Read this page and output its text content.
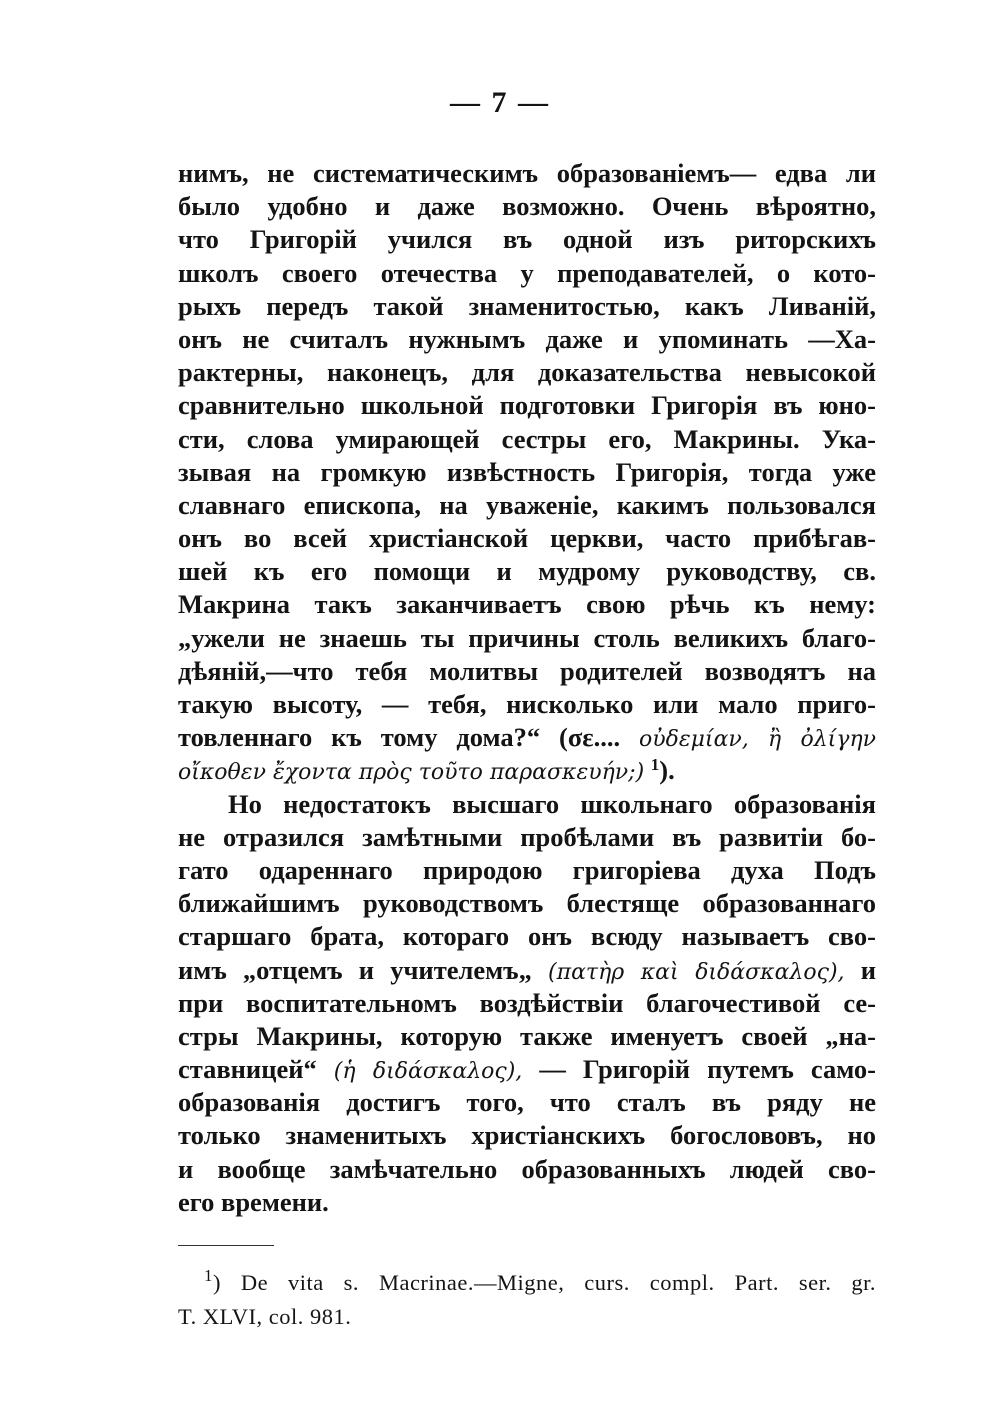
— 7 —
нимъ, не систематическимъ образованіемъ— едва ли
было удобно и даже возможно. Очень вѣроятно,
что Григорій учился въ одной изъ риторскихъ
школъ своего отечества у преподавателей, о кото-
рыхъ передъ такой знаменитостью, какъ Ливаній,
онъ не считалъ нужнымъ даже и упоминать —Ха-
рактерны, наконецъ, для доказательства невысокой
сравнительно школьной подготовки Григорія въ юно-
сти, слова умирающей сестры его, Макрины. Ука-
зывая на громкую извѣстность Григорія, тогда уже
славнаго епископа, на уваженіе, какимъ пользовался
онъ во всей христіанской церкви, часто прибѣгав-
шей къ его помощи и мудрому руководству, св.
Макрина такъ заканчиваетъ свою рѣчь къ нему:
„ужели не знаешь ты причины столь великихъ благо-
дѣяній,—что тебя молитвы родителей возводятъ на
такую высоту, — тебя, нисколько или мало приго-
товленнаго къ тому дома?“ (σε.... οὐδεμίαν, ἢ ὀλίγην
οἴκοθεν ἔχοντα πρὸς τοῦτο παρασκευήν;) $^1$).
Но недостатокъ высшаго школьнаго образованія
не отразился замѣтными пробѣлами въ развитіи бо-
гато одареннаго природою григоріева духа Подъ
ближайшимъ руководствомъ блестяще образованнаго
старшаго брата, котораго онъ всюду называетъ сво-
имъ „отцемъ и учителемъ„ (πατὴρ καὶ διδάσκαλος), и
при воспитательномъ воздѣйствіи благочестивой се-
стры Макрины, которую также именуетъ своей „на-
ставницей“ (ἡ διδάσκαλος), — Григорій путемъ само-
образованія достигъ того, что сталъ въ ряду не
только знаменитыхъ христіанскихъ богослововъ, но
и вообще замѣчательно образованныхъ людей сво-
его времени.
$^1$) De vita s. Macrinae.—Migne, curs. compl. Part. ser. gr.
T. XLVI, col. 981.
